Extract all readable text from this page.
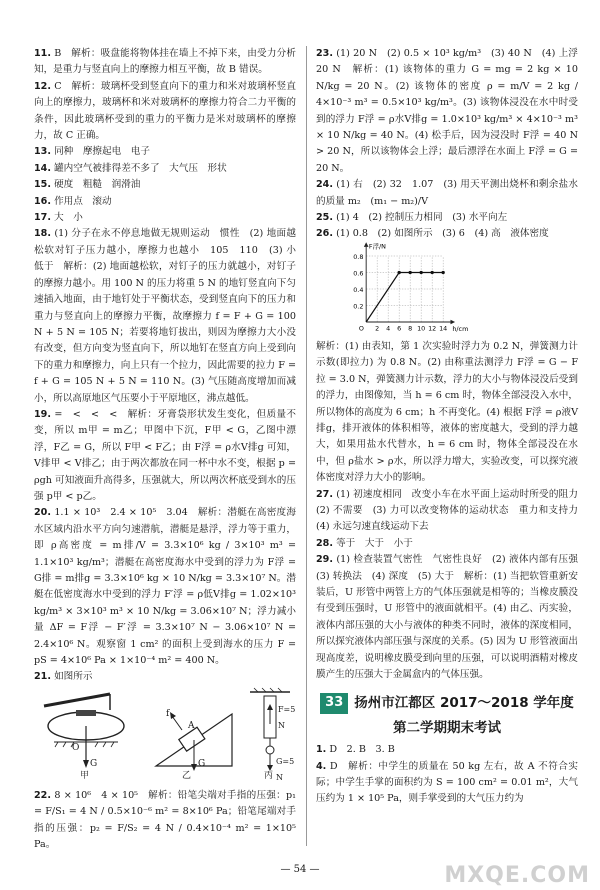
11. B　解析：吸盘能将物体挂在墙上不掉下来，由受力分析知，是重力与竖直向上的摩擦力相互平衡，故 B 错误。

12. C　解析：玻璃杯受到竖直向下的重力和米对玻璃杯竖直向上的摩擦力，玻璃杯和米对玻璃杯的摩擦力符合二力平衡的条件，因此玻璃杯受到的重力的平衡力是米对玻璃杯的摩擦力，故 C 正确。

13. 同种　摩擦起电　电子

14. 罐内空气被排得差不多了　大气压　形状

15. 硬度　粗糙　润滑油

16. 作用点　滚动

17. 大　小

18. (1) 分子在永不停息地做无规则运动　惯性　(2) 地面越松软对钉子压力越小，摩擦力也越小　105　110　(3) 小　低于　解析：(2) 地面越松软，对钉子的压力就越小，对钉子的摩擦力越小。用 100 N 的压力将重 5 N 的地钉竖直向下匀速插入地面，由于地钉处于平衡状态，受到竖直向下的压力和重力与竖直向上的摩擦力平衡，故摩擦力 f = F + G = 100 N + 5 N = 105 N；若要将地钉拔出，则因为摩擦力大小没有改变，但方向变为竖直向下，所以地钉在竖直方向上受到向下的重力和摩擦力，向上只有一个拉力，因此需要的拉力 F = f + G = 105 N + 5 N = 110 N。(3) 气压随高度增加而减小，所以高原地区气压要小于平原地区，沸点越低。

19. =　<　<　<　解析：牙膏袋形状发生变化，但质量不变，所以 m甲 = m乙；甲图中下沉，F甲 < G，乙图中漂浮，F乙 = G，所以 F甲 < F乙；由 F浮 = ρ水V排g 可知，V排甲 < V排乙；由于两次都放在同一杯中水不变，根据 p = ρgh 可知液面升高得多，压强就大，所以两次杯底受到水的压强 p甲 < p乙。

20. 1.1 × 10³　2.4 × 10⁵　3.04　解析：潜艇在高密度海水区域内沿水平方向匀速潜航，潜艇是悬浮，浮力等于重力，即 ρ高密度 = m排/V = 3.3×10⁶ kg / 3×10³ m³ = 1.1×10³ kg/m³；潜艇在高密度海水中受到的浮力为 F浮 = G排 = m排g = 3.3×10⁶ kg × 10 N/kg = 3.3×10⁷ N。潜艇在低密度海水中受到的浮力 F′浮 = ρ低V排g = 1.02×10³ kg/m³ × 3×10³ m³ × 10 N/kg = 3.06×10⁷ N；浮力减小量 ΔF = F浮 − F′浮 = 3.3×10⁷ N − 3.06×10⁷ N = 2.4×10⁶ N。观察窗 1 cm² 的面积上受到海水的压力 F = pS = 4×10⁶ Pa × 1×10⁻⁴ m² = 400 N。

21. 如图所示

O
G
甲
f
A
G
乙
F=5 N
G=5 N
丙

22. 8 × 10⁶　4 × 10⁵　解析：铅笔尖端对手指的压强：p₁ = F/S₁ = 4 N / 0.5×10⁻⁶ m² = 8×10⁶ Pa；铅笔尾端对手指的压强：p₂ = F/S₂ = 4 N / 0.4×10⁻⁴ m² = 1×10⁵ Pa。

23. (1) 20 N　(2) 0.5 × 10³ kg/m³　(3) 40 N　(4) 上浮　20 N　解析：(1) 该物体的重力 G = mg = 2 kg × 10 N/kg = 20 N。(2) 该物体的密度 ρ = m/V = 2 kg / 4×10⁻³ m³ = 0.5×10³ kg/m³。(3) 该物体浸没在水中时受到的浮力 F浮 = ρ水V排g = 1.0×10³ kg/m³ × 4×10⁻³ m³ × 10 N/kg = 40 N。(4) 松手后，因为浸没时 F浮 = 40 N > 20 N，所以该物体会上浮；最后漂浮在水面上 F浮 = G = 20 N。

24. (1) 右　(2) 32　1.07　(3) 用天平测出烧杯和剩余盐水的质量 m₂　(m₁ − m₂)/V

25. (1) 4　(2) 控制压力相同　(3) 水平向左

26. (1) 0.8　(2) 如图所示　(3) 6　(4) 高　液体密度

0.2
0.4
0.6
0.8
2 4 6 8 10 12 14
O
F浮/N
h/cm

解析：(1) 由表知，第 1 次实验时浮力为 0.2 N，弹簧测力计示数(即拉力) 为 0.8 N。(2) 由称重法测浮力 F浮 = G − F拉 = 3.0 N，弹簧测力计示数，浮力的大小与物体浸没后受到的浮力，由图像知，当 h = 6 cm 时，物体全部浸没入水中，所以物体的高度为 6 cm；h 不再变化。(4) 根据 F浮 = ρ液V排g，排开液体的体积相等，液体的密度越大，受到的浮力越大，如果用盐水代替水，h = 6 cm 时，物体全部浸没在水中，但 ρ盐水 > ρ水，所以浮力增大，实验改变，可以探究液体密度对浮力大小的影响。

27. (1) 初速度相同　改变小车在水平面上运动时所受的阻力　(2) 不需要　(3) 力可以改变物体的运动状态　重力和支持力　(4) 永远匀速直线运动下去

28. 等于　大于　小于

29. (1) 检查装置气密性　气密性良好　(2) 液体内部有压强　(3) 转换法　(4) 深度　(5) 大于　解析：(1) 当把软管重新安装后，U 形管中两管上方的气体压强就是相等的；当橡皮膜没有受到压强时，U 形管中的液面就相平。(4) 由乙、丙实验，液体内部压强的大小与液体的种类不同时，液体的深度相同，所以探究液体内部压强与深度的关系。(5) 因为 U 形管液面出现高度差，说明橡皮膜受到向里的压强，可以说明酒精对橡皮膜产生的压强大于金属盒内的气体压强。

33 扬州市江都区 2017～2018 学年度
第二学期期末考试

1. D　2. B　3. B

4. D　解析：中学生的质量在 50 kg 左右，故 A 不符合实际；中学生手掌的面积约为 S = 100 cm² = 0.01 m²，大气压约为 1 × 10⁵ Pa，则手掌受到的大气压力约为

— 54 —	MXQE.COM
